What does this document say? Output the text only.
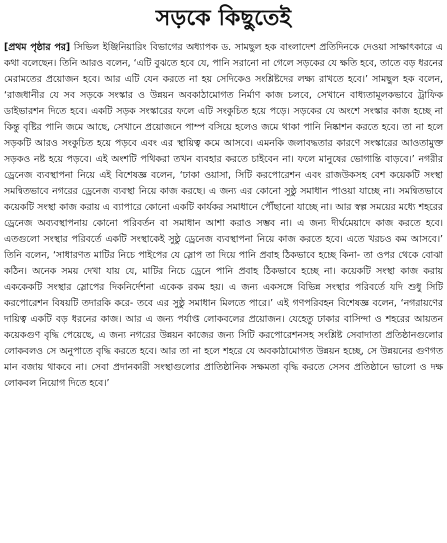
সড়কে কিছুতেই

[প্রথম পৃষ্ঠার পর] সিভিল ইঞ্জিনিয়ারিং বিভাগের অধ্যাপক ড. সামছুল হক বাংলাদেশ প্রতিদিনকে দেওয়া সাক্ষাৎকারে এ কথা বলেছেন। তিনি আরও বলেন, ‘এটি বুঝতে হবে যে, পানি সরানো না গেলে সড়কের যে ক্ষতি হবে, তাতে বড় ধরনের মেরামতের প্রয়োজন হবে। আর এটি যেন করতে না হয় সেদিকেও সংশ্লিষ্টদের লক্ষ্য রাখতে হবে।’ সামছুল হক বলেন, ‘রাজধানীর যে সব সড়কে সংস্কার ও উন্নয়ন অবকাঠামোগত নির্মাণ কাজ চলবে, সেখানে বাধ্যতামূলকভাবে ট্রাফিক ডাইভারশন দিতে হবে। একটি সড়ক সংস্কারের ফলে এটি সংকুচিত হয়ে পড়ে। সড়কের যে অংশে সংস্কার কাজ হচ্ছে না কিন্তু বৃষ্টির পানি জমে আছে, সেখানে প্রয়োজনে পাম্প বসিয়ে হলেও জমে থাকা পানি নিষ্কাশন করতে হবে। তা না হলে সড়কটি আরও সংকুচিত হয়ে পড়বে এবং এর স্থায়িত্ব কমে আসবে। এমনকি জলাবদ্ধতার কারণে সংস্কারের আওতামুক্ত সড়কও নষ্ট হয়ে পড়বে। এই অংশটি পথিকরা তখন ব্যবহার করতে চাইবেন না। ফলে মানুষের ভোগান্তি বাড়বে।’ নগরীর ড্রেনেজ ব্যবস্থাপনা নিয়ে এই বিশেষজ্ঞ বলেন, ‘ঢাকা ওয়াসা, সিটি করপোরেশন এবং রাজউকসহ বেশ কয়েকটি সংস্থা সমন্বিতভাবে নগরের ড্রেনেজ ব্যবস্থা নিয়ে কাজ করছে। এ জন্য এর কোনো সুষ্ঠু সমাধান পাওয়া যাচ্ছে না। সমন্বিতভাবে কয়েকটি সংস্থা কাজ করায় এ ব্যাপারে কোনো একটি কার্যকর সমাধানে পৌঁছানো যাচ্ছে না। আর স্বল্প সময়ের মধ্যে শহরের ড্রেনেজ অব্যবস্থাপনায় কোনো পরিবর্তন বা সমাধান আশা করাও সম্ভব না। এ জন্য দীর্ঘমেয়াদে কাজ করতে হবে। এতগুলো সংস্থার পরিবর্তে একটি সংস্থাকেই সুষ্ঠু ড্রেনেজ ব্যবস্থাপনা নিয়ে কাজ করতে হবে। এতে খরচও কম আসবে।’ তিনি বলেন, ‘সাধারণত মাটির নিচে পাইপের যে স্লোপ তা দিয়ে পানি প্রবাহ ঠিকভাবে হচ্ছে কিনা- তা ওপর থেকে বোঝা কঠিন। অনেক সময় দেখা যায় যে, মাটির নিচে ড্রেনে পানি প্রবাহ ঠিকভাবে হচ্ছে না। কয়েকটি সংস্থা কাজ করায় এককেকটি সংস্থার স্লোপের দিকনির্দেশনা একেক রকম হয়। এ জন্য একসঙ্গে বিভিন্ন সংস্থার পরিবর্তে যদি শুধু সিটি করপোরেশন বিষয়টি তদারকি করে- তবে এর সুষ্ঠু সমাধান মিলতে পারে।’ এই গণপরিবহন বিশেষজ্ঞ বলেন, ‘নগরায়ণের দায়িত্ব একটি বড় ধরনের কাজ। আর এ জন্য পর্যাপ্ত লোকবলের প্রয়োজন। যেহেতু ঢাকার বাসিন্দা ও শহরের আয়তন কয়েকগুণ বৃদ্ধি পেয়েছে, এ জন্য নগরের উন্নয়ন কাজের জন্য সিটি করপোরেশনসহ সংশ্লিষ্ট সেবাদাতা প্রতিষ্ঠানগুলোর লোকবলও সে অনুপাতে বৃদ্ধি করতে হবে। আর তা না হলে শহরে যে অবকাঠামোগত উন্নয়ন হচ্ছে, সে উন্নয়নের গুণগত মান বজায় থাকবে না। সেবা প্রদানকারী সংস্থাগুলোর প্রাতিষ্ঠানিক সক্ষমতা বৃদ্ধি করতে সেসব প্রতিষ্ঠানে ভালো ও দক্ষ লোকবল নিয়োগ দিতে হবে।’
